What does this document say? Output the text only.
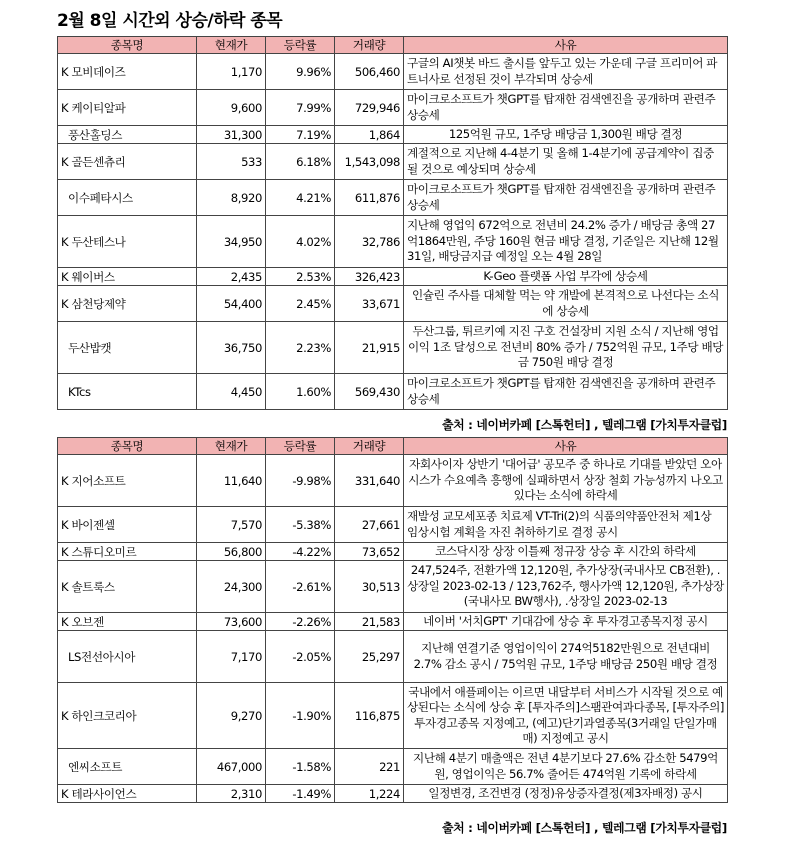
2월 8일 시간외 상승/하락 종목
종목명	현재가	등락률	거래량	사유
K 모비데이즈	1,170	9.96%	506,460	구글의 AI챗봇 바드 출시를 앞두고 있는 가운데 구글 프리미어 파트너사로 선정된 것이 부각되며 상승세
K 케이티알파	9,600	7.99%	729,946	마이크로소프트가 챗GPT를 탑재한 검색엔진을 공개하며 관련주 상승세
풍산홀딩스	31,300	7.19%	1,864	125억원 규모, 1주당 배당금 1,300원 배당 결정
K 골든센츄리	533	6.18%	1,543,098	계절적으로 지난해 4-4분기 및 올해 1-4분기에 공급계약이 집중될 것으로 예상되며 상승세
이수페타시스	8,920	4.21%	611,876	마이크로소프트가 챗GPT를 탑재한 검색엔진을 공개하며 관련주 상승세
K 두산테스나	34,950	4.02%	32,786	지난해 영업익 672억으로 전년비 24.2% 증가 / 배당금 총액 27억1864만원, 주당 160원 현금 배당 결정, 기준일은 지난해 12월 31일, 배당금지급 예정일 오는 4월 28일
K 웨이버스	2,435	2.53%	326,423	K-Geo 플랫폼 사업 부각에 상승세
K 삼천당제약	54,400	2.45%	33,671	인슐린 주사를 대체할 먹는 약 개발에 본격적으로 나선다는 소식에 상승세
두산밥캣	36,750	2.23%	21,915	두산그룹, 튀르키예 지진 구호 건설장비 지원 소식 / 지난해 영업이익 1조 달성으로 전년비 80% 증가 / 752억원 규모, 1주당 배당금 750원 배당 결정
KTcs	4,450	1.60%	569,430	마이크로소프트가 챗GPT를 탑재한 검색엔진을 공개하며 관련주 상승세
출처 : 네이버카페 [스톡헌터] , 텔레그램 [가치투자클럽]
종목명	현재가	등락률	거래량	사유
K 지어소프트	11,640	-9.98%	331,640	자회사이자 상반기 '대어급' 공모주 중 하나로 기대를 받았던 오아시스가 수요예측 흥행에 실패하면서 상장 철회 가능성까지 나오고 있다는 소식에 하락세
K 바이젠셀	7,570	-5.38%	27,661	재발성 교모세포종 치료제 VT-Tri(2)의 식품의약품안전처 제1상 임상시험 계획을 자진 취하하기로 결정 공시
K 스튜디오미르	56,800	-4.22%	73,652	코스닥시장 상장 이틀째 정규장 상승 후 시간외 하락세
K 솔트룩스	24,300	-2.61%	30,513	247,524주, 전환가액 12,120원, 추가상장(국내사모 CB전환), .상장일 2023-02-13 / 123,762주, 행사가액 12,120원, 추가상장(국내사모 BW행사), .상장일 2023-02-13
K 오브젠	73,600	-2.26%	21,583	네이버 '서치GPT' 기대감에 상승 후 투자경고종목지정 공시
LS전선아시아	7,170	-2.05%	25,297	지난해 연결기준 영업이익이 274억5182만원으로 전년대비 2.7% 감소 공시 / 75억원 규모, 1주당 배당금 250원 배당 결정
K 하인크코리아	9,270	-1.90%	116,875	국내에서 애플페이는 이르면 내달부터 서비스가 시작될 것으로 예상된다는 소식에 상승 후 [투자주의]스팸관여과다종목, [투자주의]투자경고종목 지정예고, (예고)단기과열종목(3거래일 단일가매매) 지정예고 공시
엔씨소프트	467,000	-1.58%	221	지난해 4분기 매출액은 전년 4분기보다 27.6% 감소한 5479억원, 영업이익은 56.7% 줄어든 474억원 기록에 하락세
K 테라사이언스	2,310	-1.49%	1,224	일정변경, 조건변경 (정정)유상증자결정(제3자배정) 공시
출처 : 네이버카페 [스톡헌터] , 텔레그램 [가치투자클럽]
